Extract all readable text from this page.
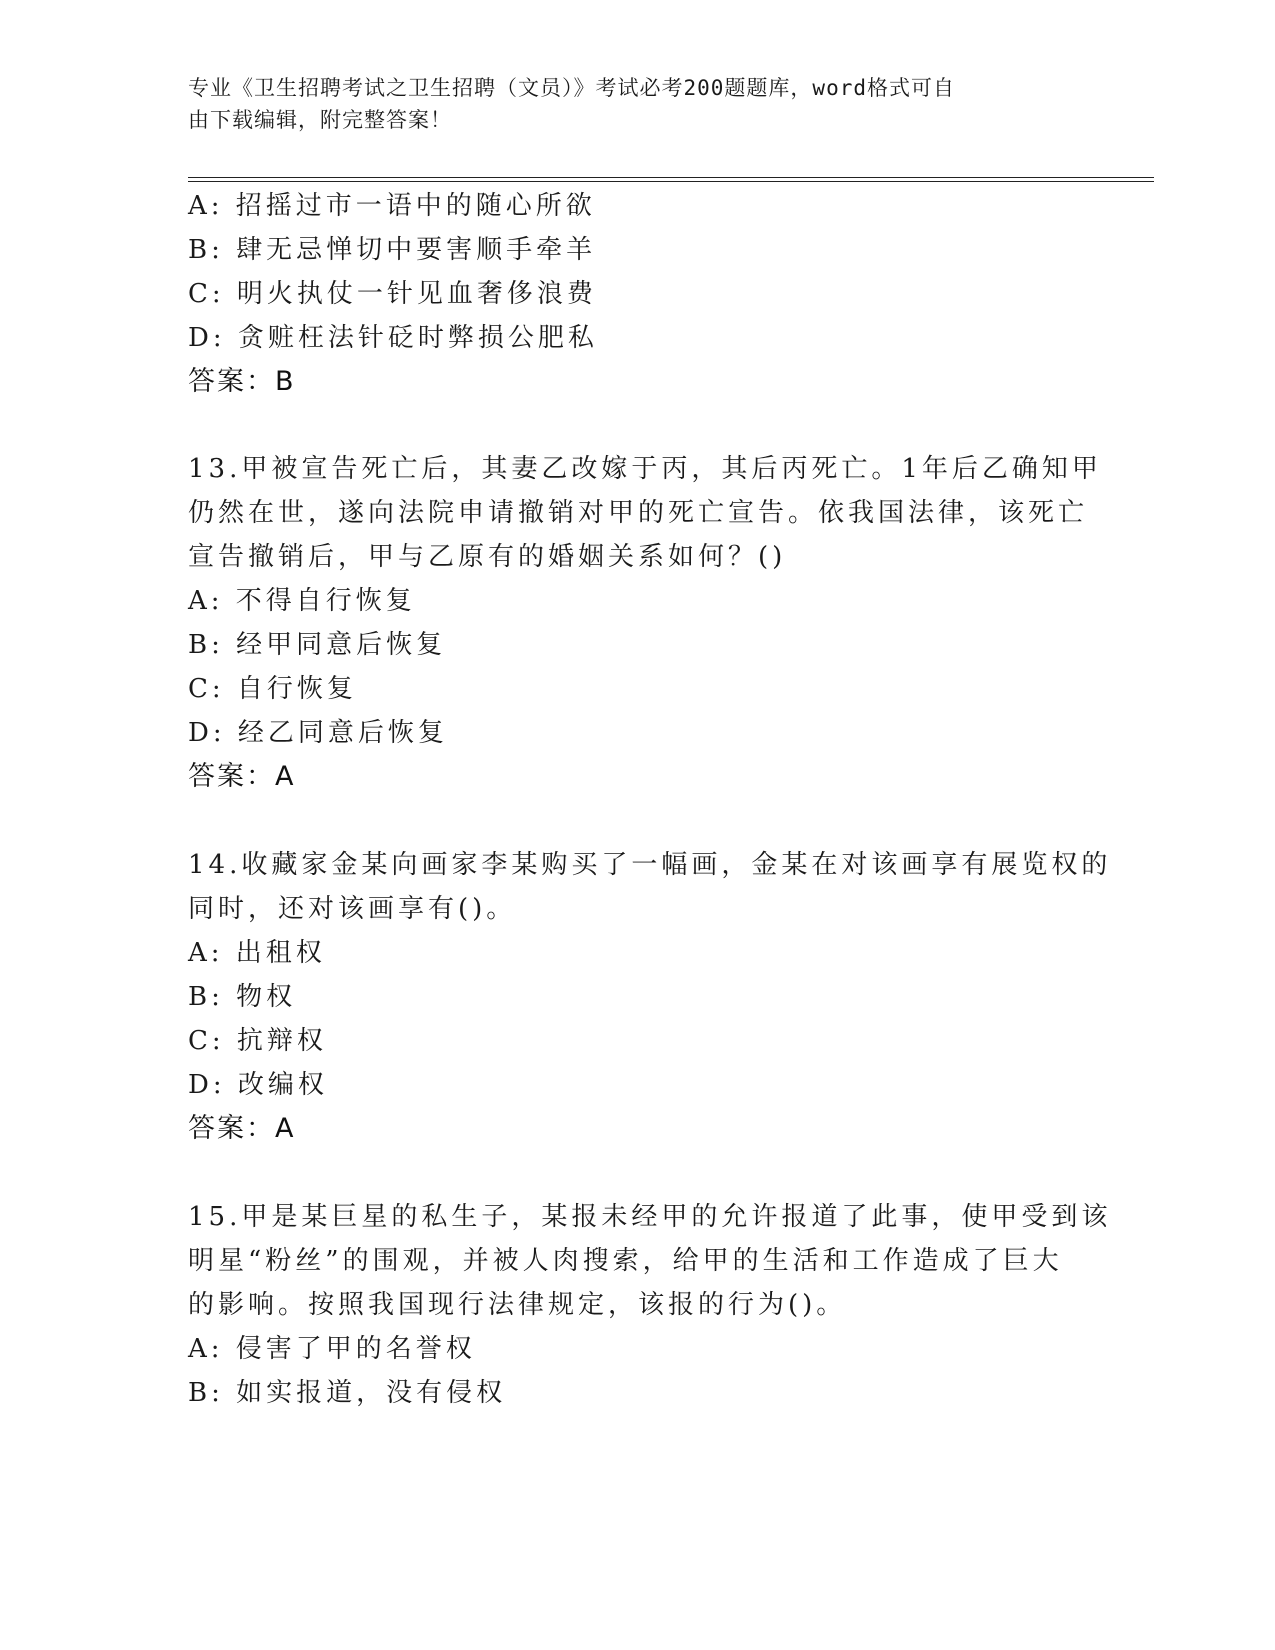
专业《卫生招聘考试之卫生招聘（文员）》考试必考200题题库，word格式可自
由下载编辑，附完整答案！
A: 招摇过市一语中的随心所欲
B: 肆无忌惮切中要害顺手牵羊
C: 明火执仗一针见血奢侈浪费
D: 贪赃枉法针砭时弊损公肥私
答案：B
13.甲被宣告死亡后，其妻乙改嫁于丙，其后丙死亡。1年后乙确知甲
仍然在世，遂向法院申请撤销对甲的死亡宣告。依我国法律，该死亡
宣告撤销后，甲与乙原有的婚姻关系如何？()
A: 不得自行恢复
B: 经甲同意后恢复
C: 自行恢复
D: 经乙同意后恢复
答案：A
14.收藏家金某向画家李某购买了一幅画，金某在对该画享有展览权的
同时，还对该画享有()。
A: 出租权
B: 物权
C: 抗辩权
D: 改编权
答案：A
15.甲是某巨星的私生子，某报未经甲的允许报道了此事，使甲受到该
明星“粉丝”的围观，并被人肉搜索，给甲的生活和工作造成了巨大
的影响。按照我国现行法律规定，该报的行为()。
A: 侵害了甲的名誉权
B: 如实报道，没有侵权
